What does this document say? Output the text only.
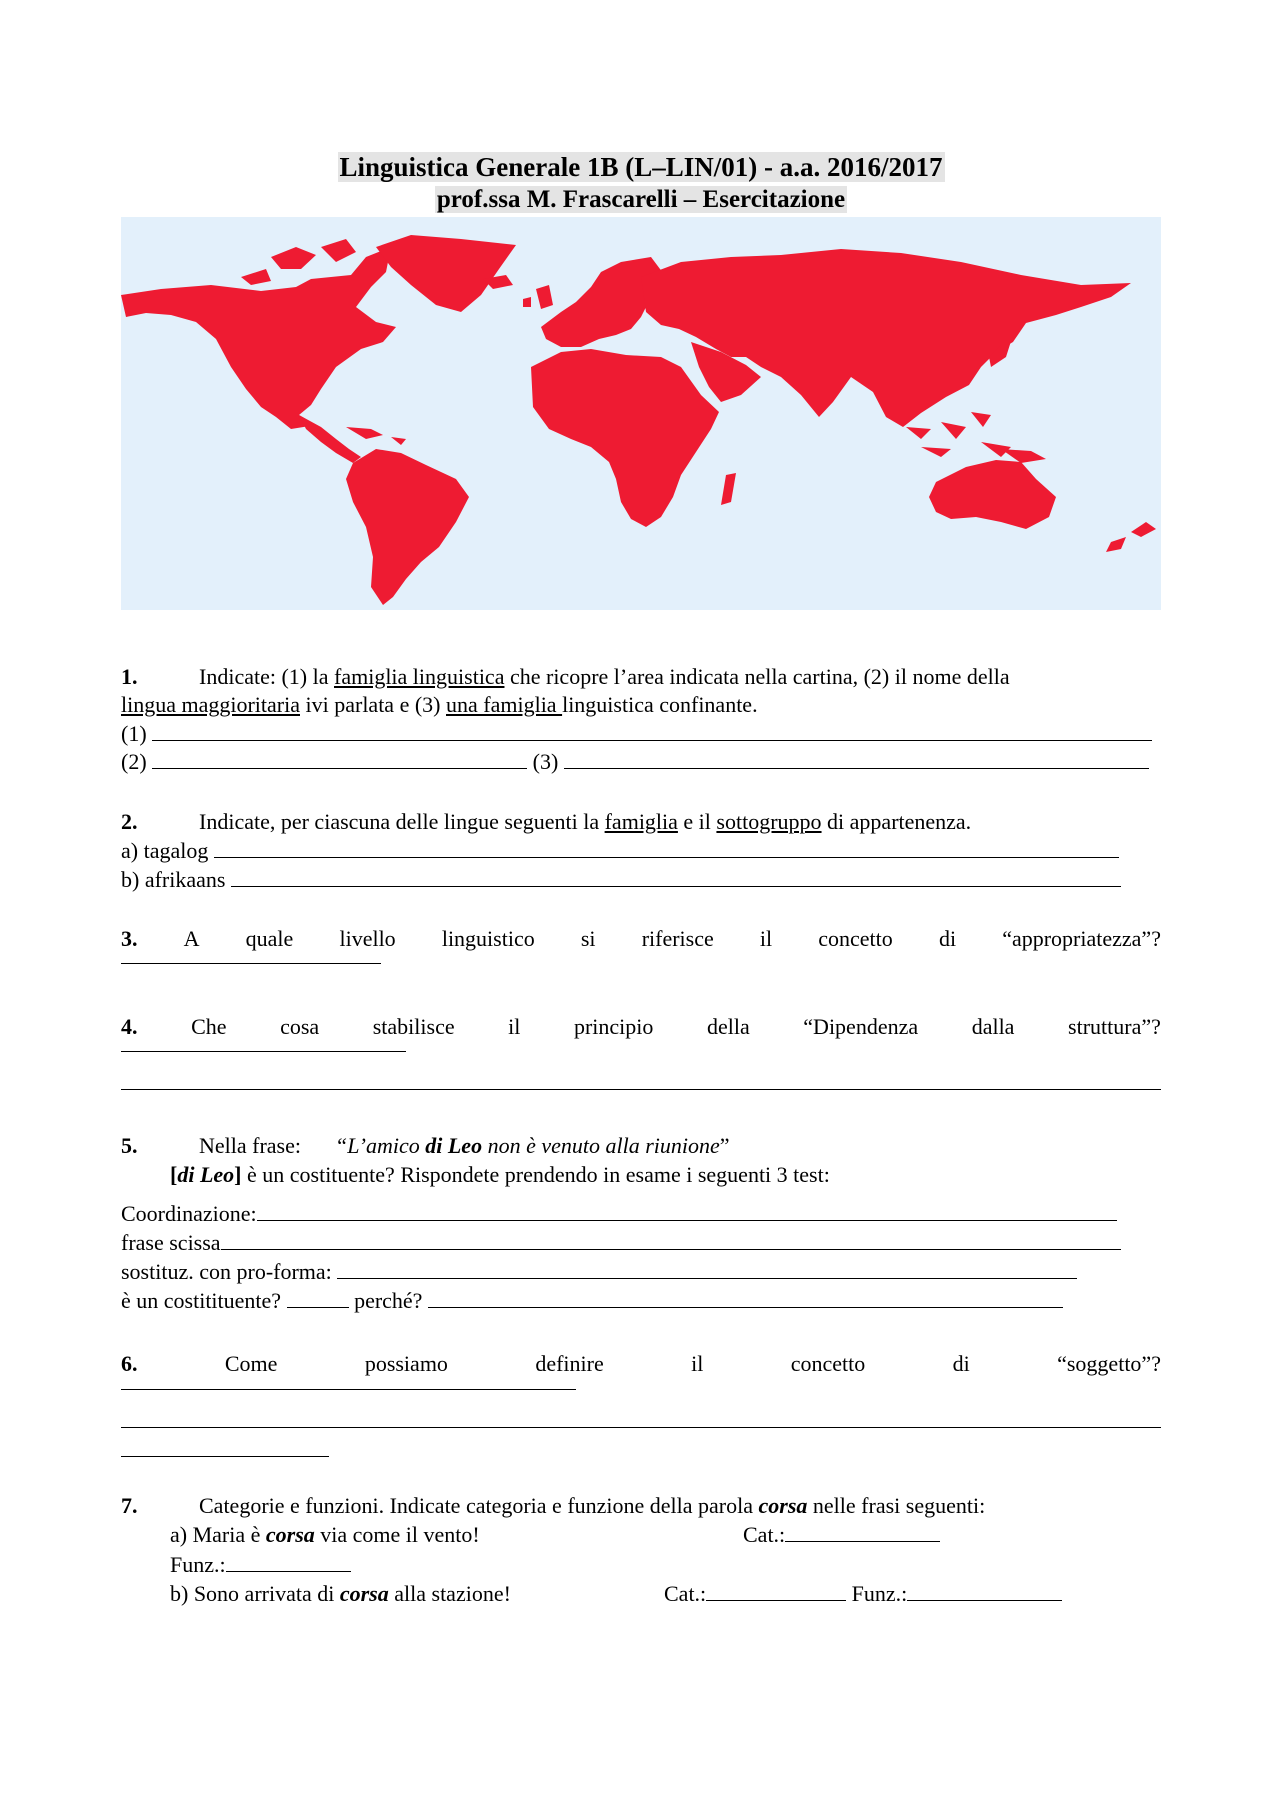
Linguistica Generale 1B (L–LIN/01) - a.a. 2016/2017
prof.ssa M. Frascarelli – Esercitazione
1.	Indicate: (1) la famiglia linguistica che ricopre l’area indicata nella cartina, (2) il nome della
lingua maggioritaria ivi parlata e (3) una famiglia linguistica confinante.
(1)
(2)	(3)
2.	Indicate, per ciascuna delle lingue seguenti la famiglia e il sottogruppo di appartenenza.
a) tagalog
b) afrikaans
3. A quale livello linguistico si riferisce il concetto di “appropriatezza”?
4. Che cosa stabilisce il principio della “Dipendenza dalla struttura”?
5.	Nella frase: “L’amico di Leo non è venuto alla riunione”
[di Leo] è un costituente? Rispondete prendendo in esame i seguenti 3 test:
Coordinazione:
frase scissa
sostituz. con pro-forma:
è un costitituente?	perché?
6.	Come	possiamo	definire	il	concetto	di	“soggetto”?
7.	Categorie e funzioni. Indicate categoria e funzione della parola corsa nelle frasi seguenti:
a) Maria è corsa via come il vento!	Cat.:
Funz.:
b) Sono arrivata di corsa alla stazione!	Cat.:	Funz.:
